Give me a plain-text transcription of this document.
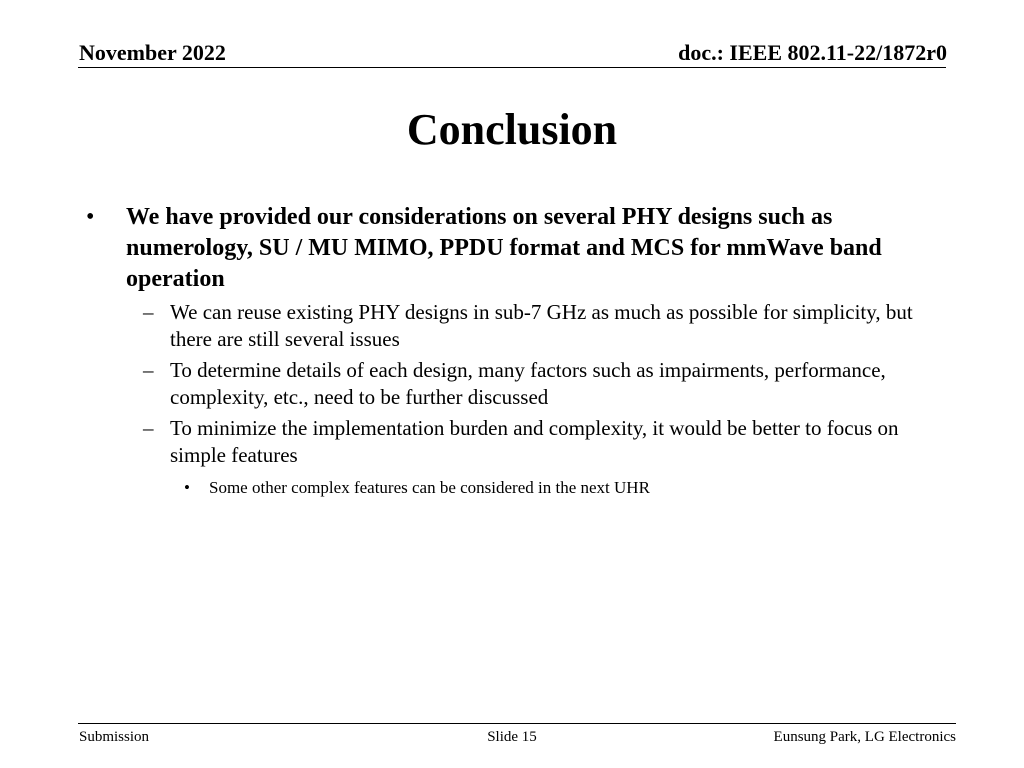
November 2022	doc.: IEEE 802.11-22/1872r0
Conclusion
• We have provided our considerations on several PHY designs such as numerology, SU / MU MIMO, PPDU format and MCS for mmWave band operation
– We can reuse existing PHY designs in sub-7 GHz as much as possible for simplicity, but there are still several issues
– To determine details of each design, many factors such as impairments, performance, complexity, etc., need to be further discussed
– To minimize the implementation burden and complexity, it would be better to focus on simple features
• Some other complex features can be considered in the next UHR
Submission	Slide 15	Eunsung Park, LG Electronics
